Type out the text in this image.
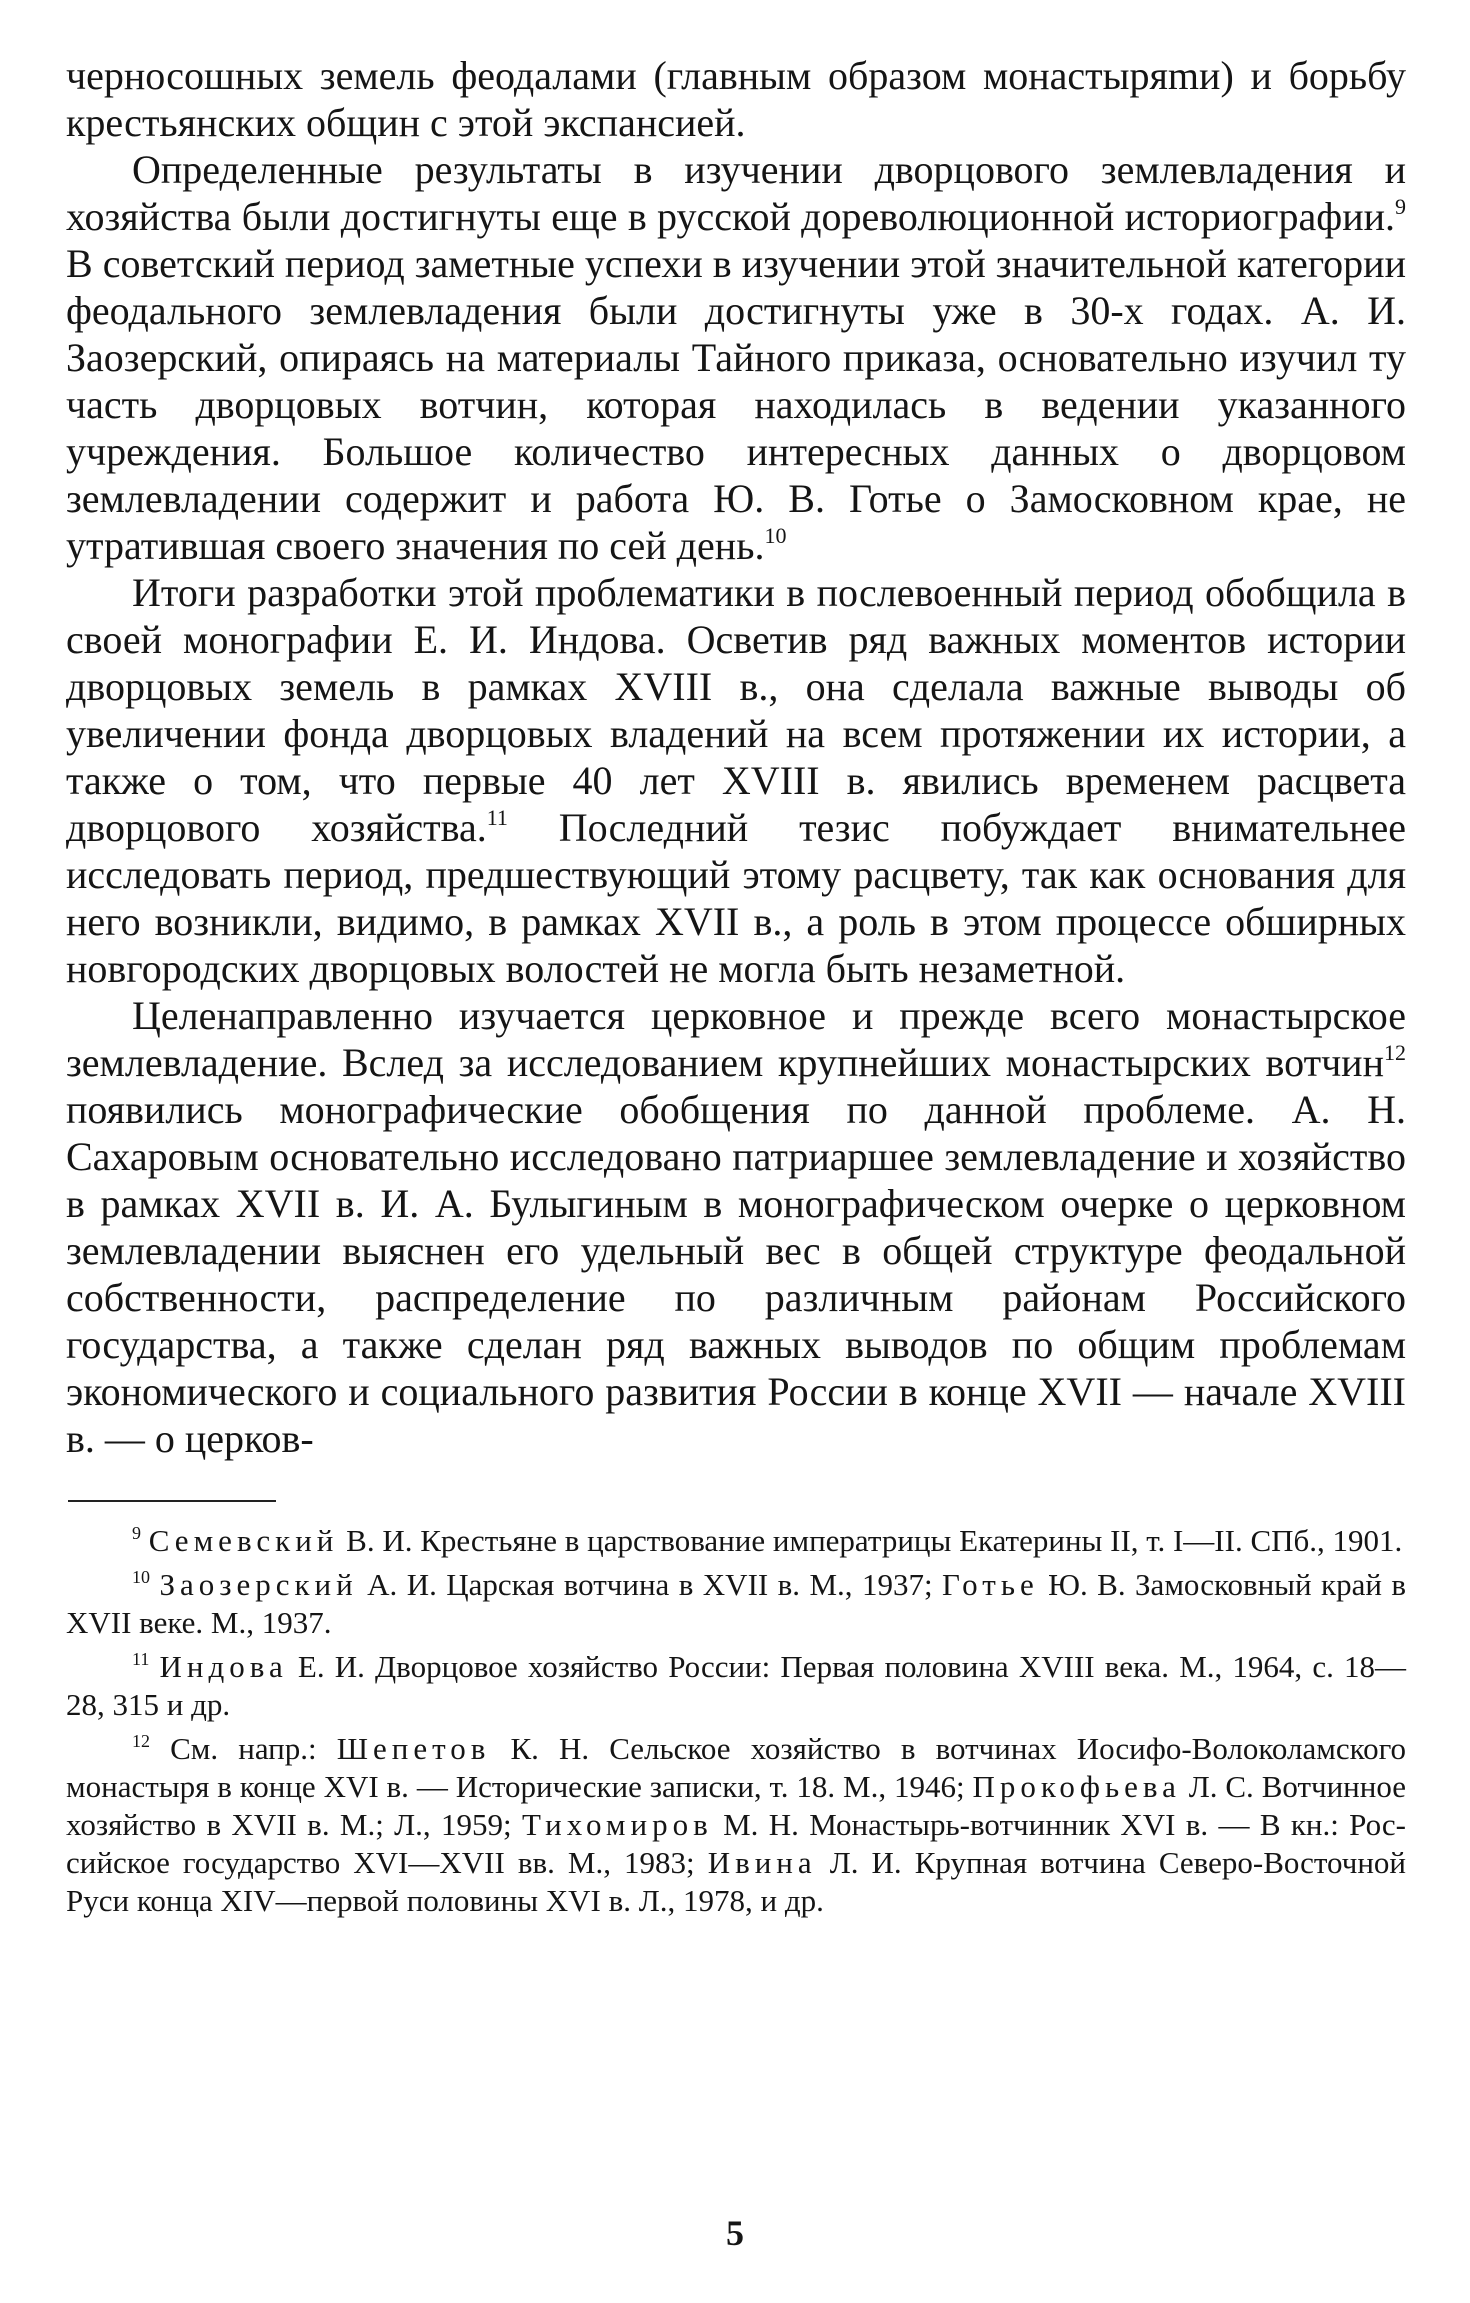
черносошных земель феодалами (главным образом монастыряmи) и борьбу крестьянских общин с этой экспансией.

Определенные результаты в изучении дворцового землевладения и хозяйства были достигнуты еще в русской дореволюционной историографии.$^9$ В советский период заметные успехи в изучении этой значительной категории феодального землевладения были достигнуты уже в 30-х годах. А. И. Заозерский, опираясь на материалы Тайного приказа, основательно изучил ту часть дворцовых вотчин, которая находилась в ведении указанного учреждения. Большое количество интересных данных о дворцовом землевладении содержит и работа Ю. В. Готье о Замосковном крае, не утратившая своего значения по сей день.$^{10}$

Итоги разработки этой проблематики в послевоенный период обобщила в своей монографии Е. И. Индова. Осветив ряд важных моментов истории дворцовых земель в рамках XVIII в., она сделала важные выводы об увеличении фонда дворцовых владений на всем протяжении их истории, а также о том, что первые 40 лет XVIII в. явились временем расцвета дворцового хозяйства.$^{11}$ Последний тезис побуждает внимательнее исследовать период, предшествующий этому расцвету, так как основания для него возникли, видимо, в рамках XVII в., а роль в этом процессе обширных новгородских дворцовых волостей не могла быть незаметной.

Целенаправленно изучается церковное и прежде всего монастырское землевладение. Вслед за исследованием крупнейших монастырских вотчин$^{12}$ появились монографические обобщения по данной проблеме. А. Н. Сахаровым основательно исследовано патриаршее землевладение и хозяйство в рамках XVII в. И. А. Булыгиным в монографическом очерке о церковном землевладении выяснен его удельный вес в общей структуре феодальной собственности, распределение по различным районам Российского государства, а также сделан ряд важных выводов по общим проблемам экономического и социального развития России в конце XVII — начале XVIII в. — о церков-

$^9$ Семевский В. И. Крестьяне в царствование императрицы Екатерины II, т. I—II. СПб., 1901.

$^{10}$ Заозерский А. И. Царская вотчина в XVII в. М., 1937; Готье Ю. В. Замосковный край в XVII веке. М., 1937.

$^{11}$ Индова Е. И. Дворцовое хозяйство России: Первая половина XVIII века. М., 1964, с. 18—28, 315 и др.

$^{12}$ См. напр.: Шепетов К. Н. Сельское хозяйство в вотчинах Иосифо-Волоколамского монастыря в конце XVI в. — Исторические записки, т. 18. М., 1946; Прокофьева Л. С. Вотчинное хозяйство в XVII в. М.; Л., 1959; Тихомиров М. Н. Монастырь-вотчинник XVI в. — В кн.: Российское государство XVI—XVII вв. М., 1983; Ивина Л. И. Крупная вотчина Северо-Восточной Руси конца XIV—первой половины XVI в. Л., 1978, и др.

5
